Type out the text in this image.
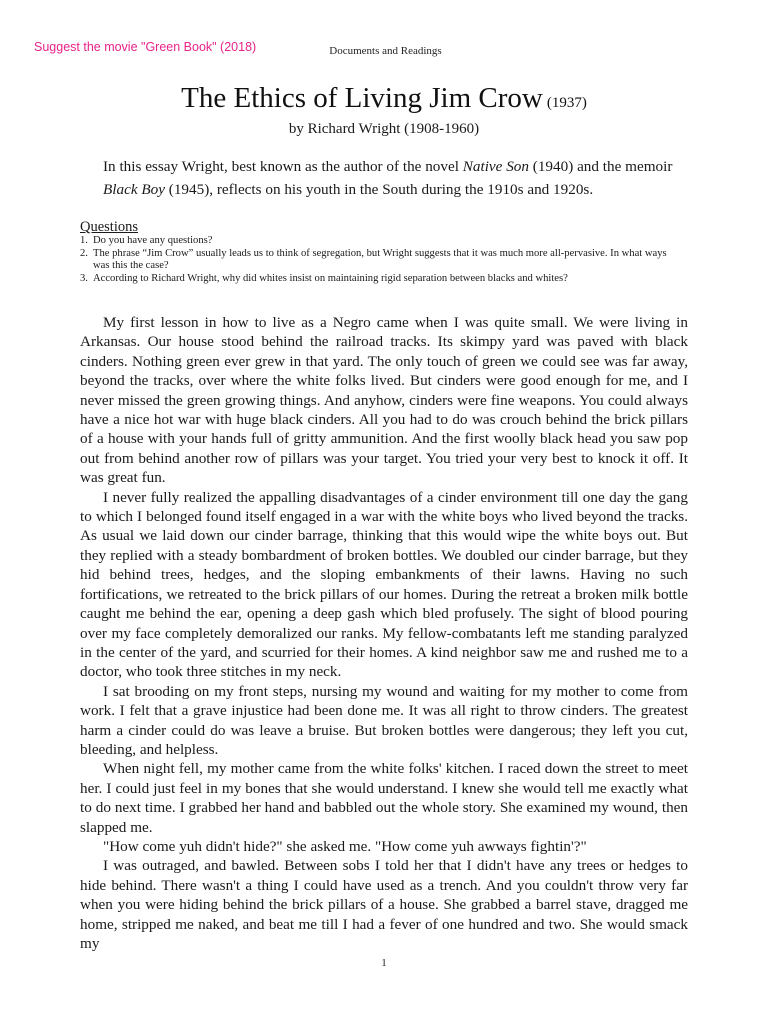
Suggest the movie "Green Book" (2018)	Documents and Readings
The Ethics of Living Jim Crow (1937)
by Richard Wright (1908-1960)

In this essay Wright, best known as the author of the novel Native Son (1940) and the memoir Black Boy (1945), reflects on his youth in the South during the 1910s and 1920s.

Questions

1. Do you have any questions?
2. The phrase “Jim Crow” usually leads us to think of segregation, but Wright suggests that it was much more all-pervasive. In what ways was this the case?
3. According to Richard Wright, why did whites insist on maintaining rigid separation between blacks and whites?

My first lesson in how to live as a Negro came when I was quite small. We were living in Arkansas. Our house stood behind the railroad tracks. Its skimpy yard was paved with black cinders. Nothing green ever grew in that yard. The only touch of green we could see was far away, beyond the tracks, over where the white folks lived. But cinders were good enough for me, and I never missed the green growing things. And anyhow, cinders were fine weapons. You could always have a nice hot war with huge black cinders. All you had to do was crouch behind the brick pillars of a house with your hands full of gritty ammunition. And the first woolly black head you saw pop out from behind another row of pillars was your target. You tried your very best to knock it off. It was great fun.

I never fully realized the appalling disadvantages of a cinder environment till one day the gang to which I belonged found itself engaged in a war with the white boys who lived beyond the tracks. As usual we laid down our cinder barrage, thinking that this would wipe the white boys out. But they replied with a steady bombardment of broken bottles. We doubled our cinder barrage, but they hid behind trees, hedges, and the sloping embankments of their lawns. Having no such fortifications, we retreated to the brick pillars of our homes. During the retreat a broken milk bottle caught me behind the ear, opening a deep gash which bled profusely. The sight of blood pouring over my face completely demoralized our ranks. My fellow-combatants left me standing paralyzed in the center of the yard, and scurried for their homes. A kind neighbor saw me and rushed me to a doctor, who took three stitches in my neck.

I sat brooding on my front steps, nursing my wound and waiting for my mother to come from work. I felt that a grave injustice had been done me. It was all right to throw cinders. The greatest harm a cinder could do was leave a bruise. But broken bottles were dangerous; they left you cut, bleeding, and helpless.

When night fell, my mother came from the white folks' kitchen. I raced down the street to meet her. I could just feel in my bones that she would understand. I knew she would tell me exactly what to do next time. I grabbed her hand and babbled out the whole story. She examined my wound, then slapped me.

"How come yuh didn't hide?" she asked me. "How come yuh awways fightin'?"

I was outraged, and bawled. Between sobs I told her that I didn't have any trees or hedges to hide behind. There wasn't a thing I could have used as a trench. And you couldn't throw very far when you were hiding behind the brick pillars of a house. She grabbed a barrel stave, dragged me home, stripped me naked, and beat me till I had a fever of one hundred and two. She would smack my

1
